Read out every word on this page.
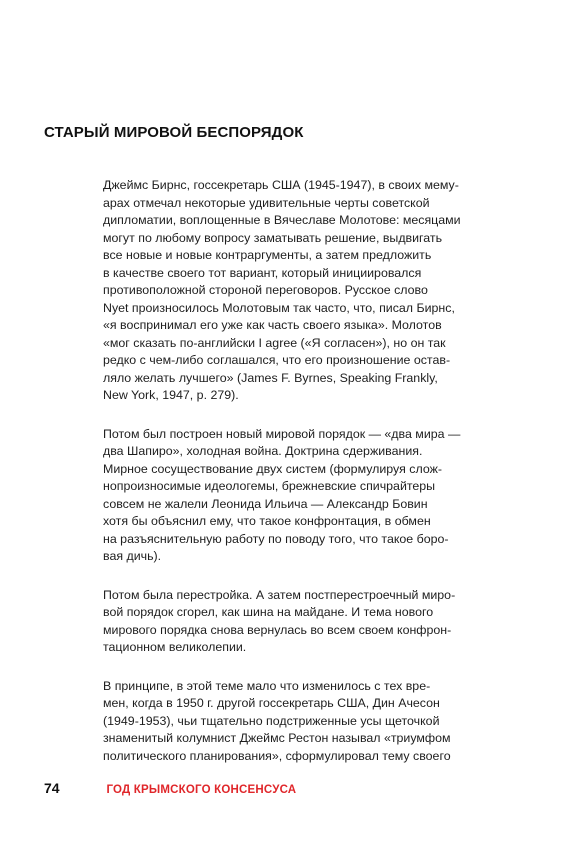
СТАРЫЙ МИРОВОЙ БЕСПОРЯДОК
Джеймс Бирнс, госсекретарь США (1945-1947), в своих мему-
арах отмечал некоторые удивительные черты советской
дипломатии, воплощенные в Вячеславе Молотове: месяцами
могут по любому вопросу заматывать решение, выдвигать
все новые и новые контраргументы, а затем предложить
в качестве своего тот вариант, который инициировался
противоположной стороной переговоров. Русское слово
Nyet произносилось Молотовым так часто, что, писал Бирнс,
«я воспринимал его уже как часть своего языка». Молотов
«мог сказать по-английски I agree («Я согласен»), но он так
редко с чем-либо соглашался, что его произношение остав-
ляло желать лучшего» (James F. Byrnes, Speaking Frankly,
New York, 1947, p. 279).
Потом был построен новый мировой порядок — «два мира —
два Шапиро», холодная война. Доктрина сдерживания.
Мирное сосуществование двух систем (формулируя слож-
нопроизносимые идеологемы, брежневские спичрайтеры
совсем не жалели Леонида Ильича — Александр Бовин
хотя бы объяснил ему, что такое конфронтация, в обмен
на разъяснительную работу по поводу того, что такое боро-
вая дичь).
Потом была перестройка. А затем постперестроечный миро-
вой порядок сгорел, как шина на майдане. И тема нового
мирового порядка снова вернулась во всем своем конфрон-
тационном великолепии.
В принципе, в этой теме мало что изменилось с тех вре-
мен, когда в 1950 г. другой госсекретарь США, Дин Ачесон
(1949-1953), чьи тщательно подстриженные усы щеточкой
знаменитый колумнист Джеймс Рестон называл «триумфом
политического планирования», сформулировал тему своего
74	ГОД КРЫМСКОГО КОНСЕНСУСА
